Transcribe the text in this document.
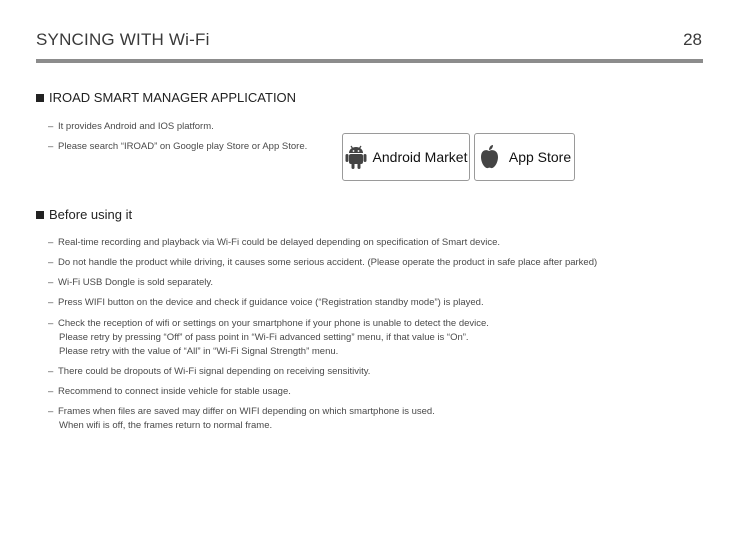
SYNCING WITH Wi-Fi	28
IROAD SMART MANAGER APPLICATION
– It provides Android and IOS platform.
– Please search “IROAD” on Google play Store or App Store.
Android Market	App Store
Before using it
– Real-time recording and playback via Wi-Fi could be delayed depending on specification of Smart device.
– Do not handle the product while driving, it causes some serious accident. (Please operate the product in safe place after parked)
– Wi-Fi USB Dongle is sold separately.
– Press WIFI button on the device and check if guidance voice (“Registration standby mode”) is played.
– Check the reception of wifi or settings on your smartphone if your phone is unable to detect the device.
Please retry by pressing “Off” of pass point in “Wi-Fi advanced setting” menu, if that value is “On”.
Please retry with the value of “All” in “Wi-Fi Signal Strength” menu.
– There could be dropouts of Wi-Fi signal depending on receiving sensitivity.
– Recommend to connect inside vehicle for stable usage.
– Frames when files are saved may differ on WIFI depending on which smartphone is used.
When wifi is off, the frames return to normal frame.
